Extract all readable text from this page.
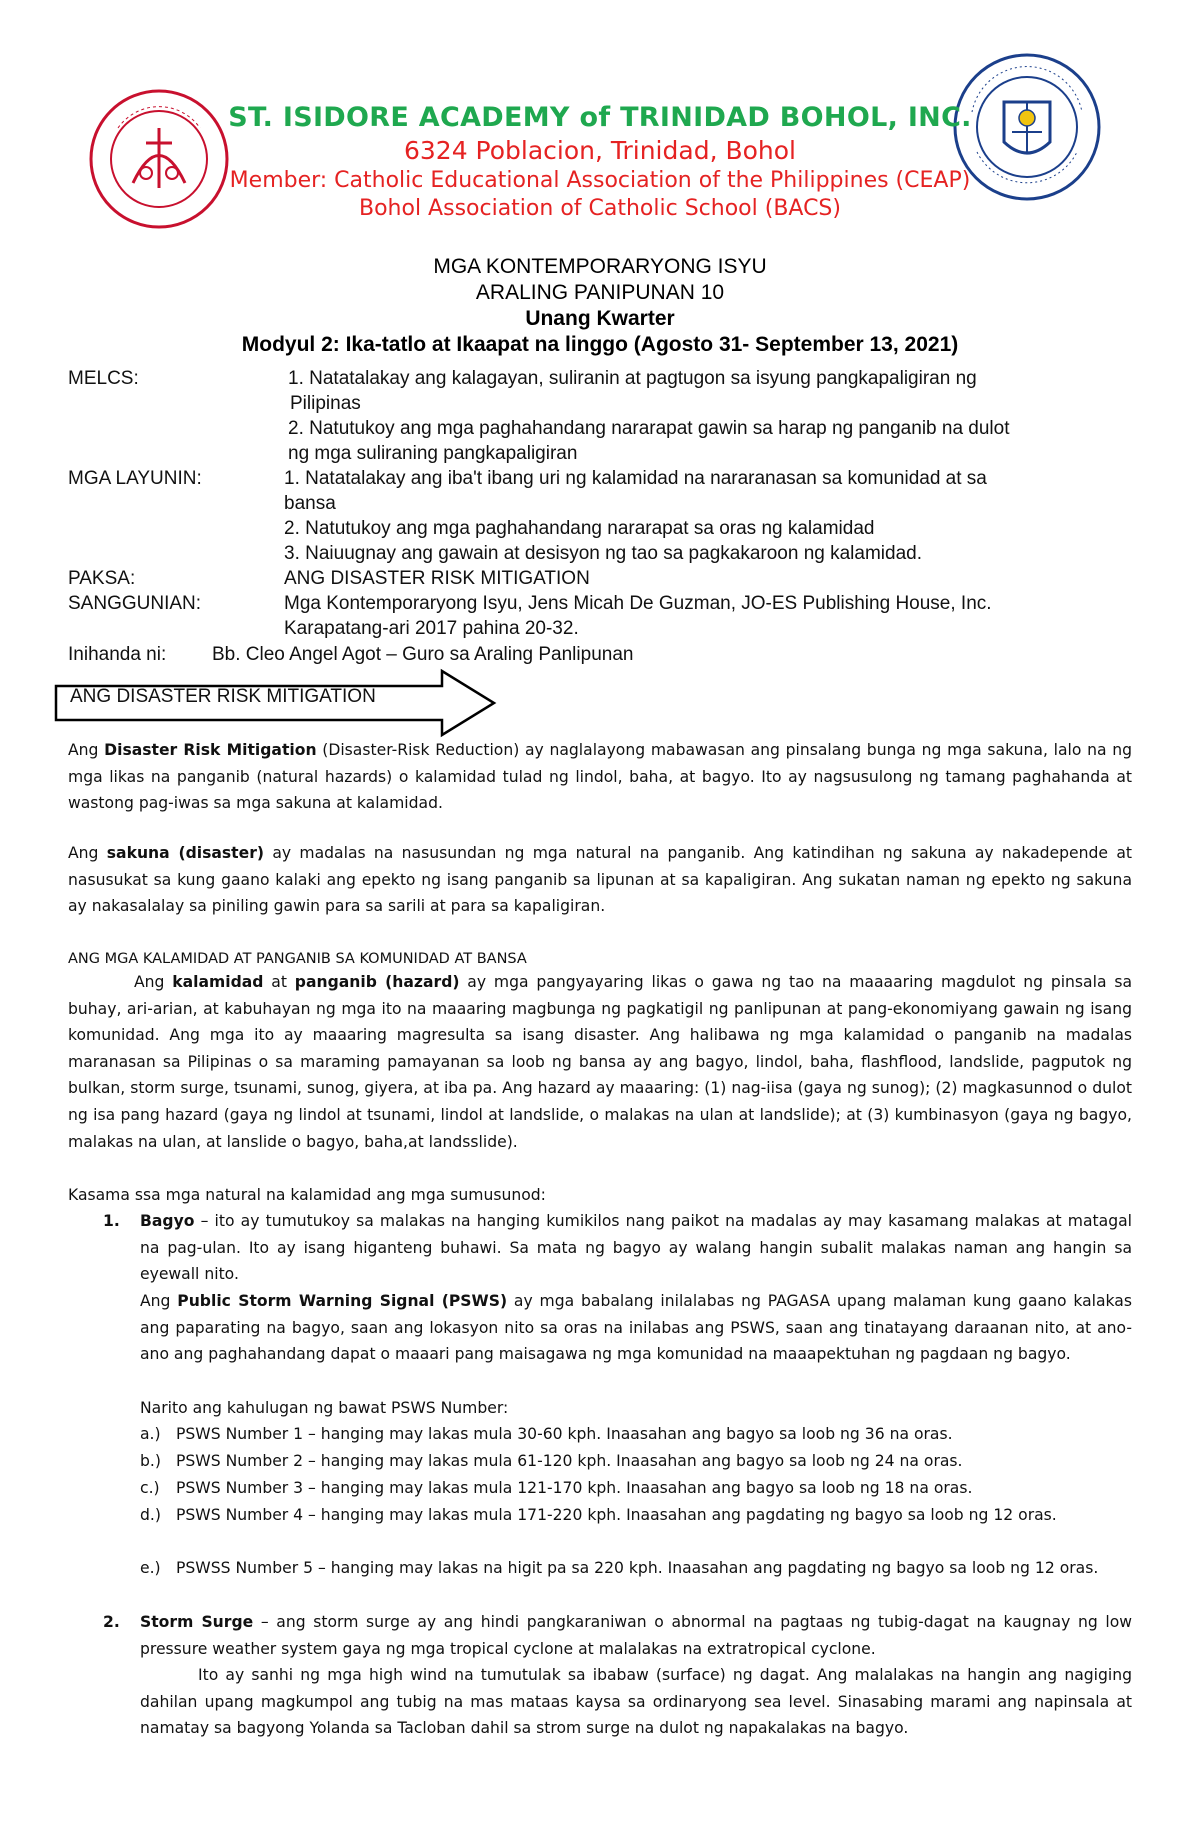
ST. ISIDORE ACADEMY of TRINIDAD BOHOL, INC.
6324 Poblacion, Trinidad, Bohol
Member: Catholic Educational Association of the Philippines (CEAP)
Bohol Association of Catholic School (BACS)
MGA KONTEMPORARYONG ISYU
ARALING PANIPUNAN 10
Unang Kwarter
Modyul 2: Ika-tatlo at Ikaapat na linggo (Agosto 31- September 13, 2021)
MELCS:	1. Natatalakay ang kalagayan, suliranin at pagtugon sa isyung pangkapaligiran ng
Pilipinas
2. Natutukoy ang mga paghahandang nararapat gawin sa harap ng panganib na dulot
ng mga suliraning pangkapaligiran
MGA LAYUNIN:	1. Natatalakay ang iba't ibang uri ng kalamidad na nararanasan sa komunidad at sa
bansa
2. Natutukoy ang mga paghahandang nararapat sa oras ng kalamidad
3. Naiuugnay ang gawain at desisyon ng tao sa pagkakaroon ng kalamidad.
PAKSA:	ANG DISASTER RISK MITIGATION
SANGGUNIAN:	Mga Kontemporaryong Isyu, Jens Micah De Guzman, JO-ES Publishing House, Inc.
Karapatang-ari 2017 pahina 20-32.
Inihanda ni: Bb. Cleo Angel Agot – Guro sa Araling Panlipunan
ANG DISASTER RISK MITIGATION
Ang Disaster Risk Mitigation (Disaster-Risk Reduction) ay naglalayong mabawasan ang pinsalang bunga ng mga sakuna, lalo na ng mga likas na panganib (natural hazards) o kalamidad tulad ng lindol, baha, at bagyo. Ito ay nagsusulong ng tamang paghahanda at wastong pag-iwas sa mga sakuna at kalamidad.
Ang sakuna (disaster) ay madalas na nasusundan ng mga natural na panganib. Ang katindihan ng sakuna ay nakadepende at nasusukat sa kung gaano kalaki ang epekto ng isang panganib sa lipunan at sa kapaligiran. Ang sukatan naman ng epekto ng sakuna ay nakasalalay sa piniling gawin para sa sarili at para sa kapaligiran.
ANG MGA KALAMIDAD AT PANGANIB SA KOMUNIDAD AT BANSA
Ang kalamidad at panganib (hazard) ay mga pangyayaring likas o gawa ng tao na maaaaring magdulot ng pinsala sa buhay, ari-arian, at kabuhayan ng mga ito na maaaring magbunga ng pagkatigil ng panlipunan at pang-ekonomiyang gawain ng isang komunidad. Ang mga ito ay maaaring magresulta sa isang disaster. Ang halibawa ng mga kalamidad o panganib na madalas maranasan sa Pilipinas o sa maraming pamayanan sa loob ng bansa ay ang bagyo, lindol, baha, flashflood, landslide, pagputok ng bulkan, storm surge, tsunami, sunog, giyera, at iba pa. Ang hazard ay maaaring: (1) nag-iisa (gaya ng sunog); (2) magkasunnod o dulot ng isa pang hazard (gaya ng lindol at tsunami, lindol at landslide, o malakas na ulan at landslide); at (3) kumbinasyon (gaya ng bagyo, malakas na ulan, at lanslide o bagyo, baha,at landsslide).
Kasama ssa mga natural na kalamidad ang mga sumusunod:
1. Bagyo – ito ay tumutukoy sa malakas na hanging kumikilos nang paikot na madalas ay may kasamang malakas at matagal na pag-ulan. Ito ay isang higanteng buhawi. Sa mata ng bagyo ay walang hangin subalit malakas naman ang hangin sa eyewall nito.
Ang Public Storm Warning Signal (PSWS) ay mga babalang inilalabas ng PAGASA upang malaman kung gaano kalakas ang paparating na bagyo, saan ang lokasyon nito sa oras na inilabas ang PSWS, saan ang tinatayang daraanan nito, at ano-ano ang paghahandang dapat o maaari pang maisagawa ng mga komunidad na maaapektuhan ng pagdaan ng bagyo.
Narito ang kahulugan ng bawat PSWS Number:
a.) PSWS Number 1 – hanging may lakas mula 30-60 kph. Inaasahan ang bagyo sa loob ng 36 na oras.
b.) PSWS Number 2 – hanging may lakas mula 61-120 kph. Inaasahan ang bagyo sa loob ng 24 na oras.
c.) PSWS Number 3 – hanging may lakas mula 121-170 kph. Inaasahan ang bagyo sa loob ng 18 na oras.
d.) PSWS Number 4 – hanging may lakas mula 171-220 kph. Inaasahan ang pagdating ng bagyo sa loob ng 12 oras.
e.) PSWSS Number 5 – hanging may lakas na higit pa sa 220 kph. Inaasahan ang pagdating ng bagyo sa loob ng 12 oras.
2. Storm Surge – ang storm surge ay ang hindi pangkaraniwan o abnormal na pagtaas ng tubig-dagat na kaugnay ng low pressure weather system gaya ng mga tropical cyclone at malalakas na extratropical cyclone.
Ito ay sanhi ng mga high wind na tumutulak sa ibabaw (surface) ng dagat. Ang malalakas na hangin ang nagiging dahilan upang magkumpol ang tubig na mas mataas kaysa sa ordinaryong sea level. Sinasabing marami ang napinsala at namatay sa bagyong Yolanda sa Tacloban dahil sa strom surge na dulot ng napakalakas na bagyo.
